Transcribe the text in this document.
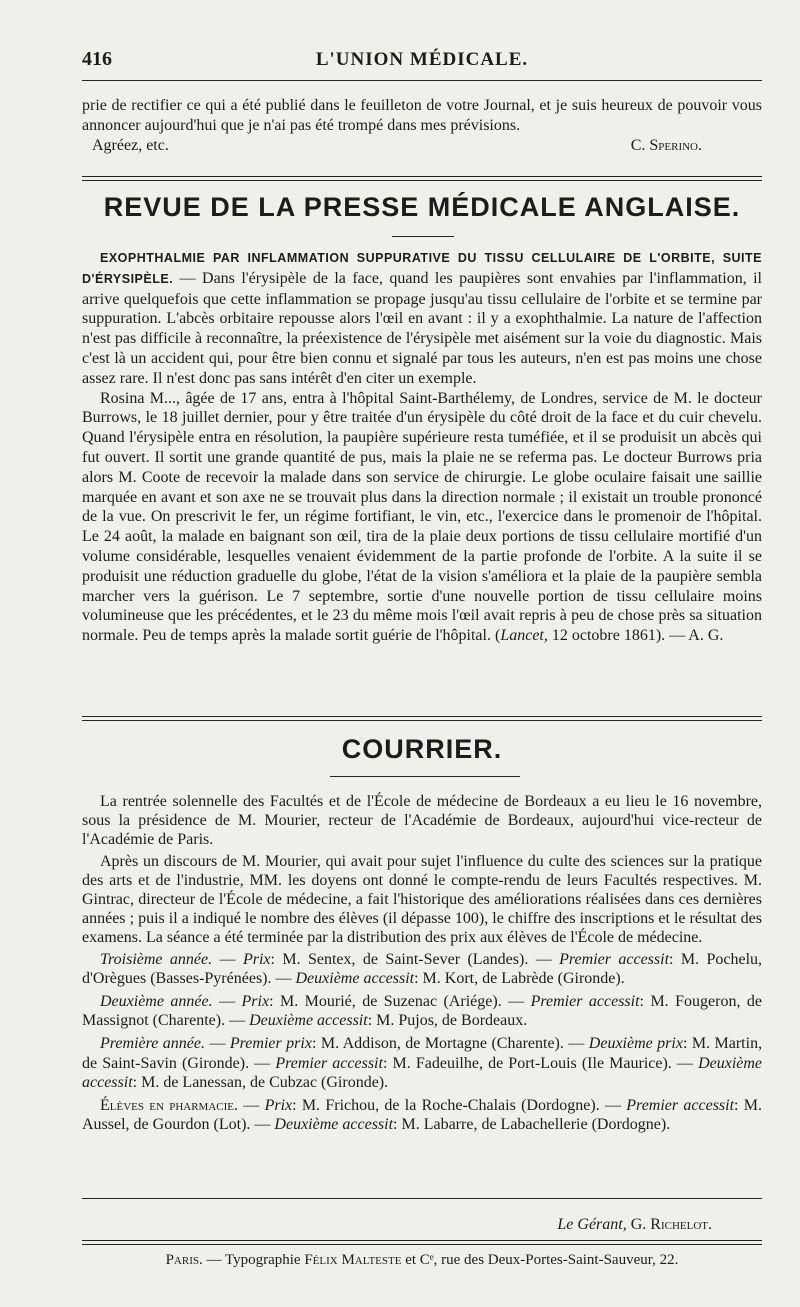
416	L'UNION MÉDICALE.

prie de rectifier ce qui a été publié dans le feuilleton de votre Journal, et je suis heureux de pouvoir vous annoncer aujourd'hui que je n'ai pas été trompé dans mes prévisions.

Agréez, etc.	C. Sperino.
REVUE DE LA PRESSE MÉDICALE ANGLAISE.

EXOPHTHALMIE PAR INFLAMMATION SUPPURATIVE DU TISSU CELLULAIRE DE L'ORBITE, SUITE D'ÉRYSIPÈLE. — Dans l'érysipèle de la face, quand les paupières sont envahies par l'inflammation, il arrive quelquefois que cette inflammation se propage jusqu'au tissu cellulaire de l'orbite et se termine par suppuration. L'abcès orbitaire repousse alors l'œil en avant : il y a exophthalmie. La nature de l'affection n'est pas difficile à reconnaître, la préexistence de l'érysipèle met aisément sur la voie du diagnostic. Mais c'est là un accident qui, pour être bien connu et signalé par tous les auteurs, n'en est pas moins une chose assez rare. Il n'est donc pas sans intérêt d'en citer un exemple.

Rosina M..., âgée de 17 ans, entra à l'hôpital Saint-Barthélemy, de Londres, service de M. le docteur Burrows, le 18 juillet dernier, pour y être traitée d'un érysipèle du côté droit de la face et du cuir chevelu. Quand l'érysipèle entra en résolution, la paupière supérieure resta tuméfiée, et il se produisit un abcès qui fut ouvert. Il sortit une grande quantité de pus, mais la plaie ne se referma pas. Le docteur Burrows pria alors M. Coote de recevoir la malade dans son service de chirurgie. Le globe oculaire faisait une saillie marquée en avant et son axe ne se trouvait plus dans la direction normale ; il existait un trouble prononcé de la vue. On prescrivit le fer, un régime fortifiant, le vin, etc., l'exercice dans le promenoir de l'hôpital. Le 24 août, la malade en baignant son œil, tira de la plaie deux portions de tissu cellulaire mortifié d'un volume considérable, lesquelles venaient évidemment de la partie profonde de l'orbite. A la suite il se produisit une réduction graduelle du globe, l'état de la vision s'améliora et la plaie de la paupière sembla marcher vers la guérison. Le 7 septembre, sortie d'une nouvelle portion de tissu cellulaire moins volumineuse que les précédentes, et le 23 du même mois l'œil avait repris à peu de chose près sa situation normale. Peu de temps après la malade sortit guérie de l'hôpital. (Lancet, 12 octobre 1861). — A. G.

COURRIER.

La rentrée solennelle des Facultés et de l'École de médecine de Bordeaux a eu lieu le 16 novembre, sous la présidence de M. Mourier, recteur de l'Académie de Bordeaux, aujourd'hui vice-recteur de l'Académie de Paris.

Après un discours de M. Mourier, qui avait pour sujet l'influence du culte des sciences sur la pratique des arts et de l'industrie, MM. les doyens ont donné le compte-rendu de leurs Facultés respectives. M. Gintrac, directeur de l'École de médecine, a fait l'historique des améliorations réalisées dans ces dernières années ; puis il a indiqué le nombre des élèves (il dépasse 100), le chiffre des inscriptions et le résultat des examens. La séance a été terminée par la distribution des prix aux élèves de l'École de médecine.

Troisième année. — Prix: M. Sentex, de Saint-Sever (Landes). — Premier accessit: M. Pochelu, d'Orègues (Basses-Pyrénées). — Deuxième accessit: M. Kort, de Labrède (Gironde).

Deuxième année. — Prix: M. Mourié, de Suzenac (Ariége). — Premier accessit: M. Fougeron, de Massignot (Charente). — Deuxième accessit: M. Pujos, de Bordeaux.

Première année. — Premier prix: M. Addison, de Mortagne (Charente). — Deuxième prix: M. Martin, de Saint-Savin (Gironde). — Premier accessit: M. Fadeuilhe, de Port-Louis (Ile Maurice). — Deuxième accessit: M. de Lanessan, de Cubzac (Gironde).

Élèves en pharmacie. — Prix: M. Frichou, de la Roche-Chalais (Dordogne). — Premier accessit: M. Aussel, de Gourdon (Lot). — Deuxième accessit: M. Labarre, de Labachellerie (Dordogne).

Le Gérant, G. Richelot.
Paris. — Typographie Félix Malteste et Cᵉ, rue des Deux-Portes-Saint-Sauveur, 22.
